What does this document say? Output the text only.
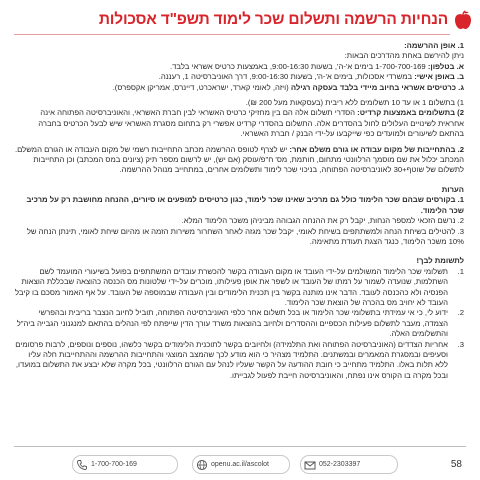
הנחיות הרשמה ותשלום שכר לימוד תשפ"ד אסכולות

1. אופן ההרשמה:

ניתן להירשם באחת מהדרכים הבאות:

א. בטלפון: 1-700-700-169 בימים א'-ה', בשעות 9:00-16:30, באמצעות כרטיס אשראי בלבד.

ב. באופן אישי: במשרדי אסכולות, בימים א'-ה', בשעות 9:00-16:30, דרך האוניברסיטה 1, רעננה.

ג. כרטיסים אשראי בחיוב מיידי בלבד בעסקה רגילה (ויזה, לאומי קארד, ישראכרט, דיינרס, אמריקן אקספרס).

1) בתשלום 1 או עד 10 תשלומים ללא ריבית (בעסקאות מעל 200 ₪).

2) בתשלומים באמצעות קרדיט: הסדרי תשלום אלה הם בין מחזיקי כרטיס האשראי לבין חברת האשראי, והאוניברסיטה הפתוחה אינה אחראית לשינויים העלולים לחול בהסדרים אלה. התשלום בהסדרי קרדיט אפשרי רק בתחום מסגרת האשראי שיש לבעל הכרטיס בחברה בהתאם לשיעורים ולמועדים כפי שייקבעו על-ידי הבנק / חברת האשראי.

2. בהתחייבות של מקום עבודה או גורם משלם אחר: יש לצרף לטופס ההרשמה מכתב התחייבות רשמי של מקום העבודה או הגורם המשלם. המכתב יכלול את שם מוסמך הרלוונטי מתחום, חותמת, מס' ח"פ/עוסק (אם יש), יש לרשום מספר תיק (ציונים במס המכתב) וכן התחייבות לתשלום של שוטף+30 לאוניברסיטה הפתוחה, בניכוי שכר לימוד ותשלומים אחרים, במתחייב מנוהל ההרשמה.

הערות

1. בקורסים שבהם שכר הלימוד כולל גם מרכיב שאינו שכר לימוד, כגון כרטיסים למופעים או סיורים, ההנחה מחושבת רק על מרכיב שכר הלימוד.

2. נרשם הזכאי למספר הנחות, יקבל רק את ההנחה הגבוהה מביניהן משכר הלימוד המלא.

3. להטילים בשיחת הנחה ולמשתתפים בשיחת לאומי, יקבל שכר מגזה לאחר השחרור משירות הזמה או מהיום שיחת לאומי, תינתן הנחה של 10% משכר הלימוד, כנגד הצגת תעודת מתאימה.

לתשומת לבך!

1.
תשלומי שכר הלימוד המשולמים על-ידי העובד או מקום העבודה בקשר להכשרת עובדים המשתתפים בפועל בשיעורי המועמד לשם השתלמות, שנועדה לשמור על רמתו של העובד או לשפר את אופן פעילותו, מוכרים על-ידי שלטונות מס הכנסה כהוצאה שבכללת הוצאות הפנסיה ולא כהכנסה לעובד. הדבר אינו מותנה בקשר בין תכנית הלימודים ובין העבודה שבמוספה של העובד. על אף האמור מסכם בו קיבל העובד לא יחויב מס בהכרה של הוצאת שכר הלימוד.
2.
ידוע לי, כי אי עמידתי בתשלומי שכר הלימוד או בכל תשלום אחר כלפי האוניברסיטה הפתוחה, תוביל לחיוב הנצבר בריבית ובהפרשי הצמדה, מעבר לתשלום פעילות הכספיים וההסדרים ולחיוב בהוצאות משרד עורך הדין שייפתח לפי הנהלים בהתאם למנגנוני הגבייה ביה"ל והתשלומים האלה.
3.
אחריות הצדדים (האוניברסיטה הפתוחה ואת התלמידה) ולחיובים בקשר לתוכנית הלימודים בקשר כלשהו, נוספים ונוספים, לרבות פרסומים וסעיפים ובמסגרת המאמרים ובמשתנים. התלמיד מצהיר כי הוא מודע לכך שהמצב המוצגי והתחייבות ההרשמה וההתחייבות חלה עליו ללא תלות באלו. התלמיד מתחייב כי חובת ההודעה על הקשר שעליו לנהל עם הגורם הרלוונטי, בכל מקרה שלא יבצע את התשלום במועדו, ובכל מקרה בו הקורס אינו נפתח, והאוניברסיטה חייבת לפעול לגבייתו.
58
052-2303397
openu.ac.il/ascolot
1-700-700-169
